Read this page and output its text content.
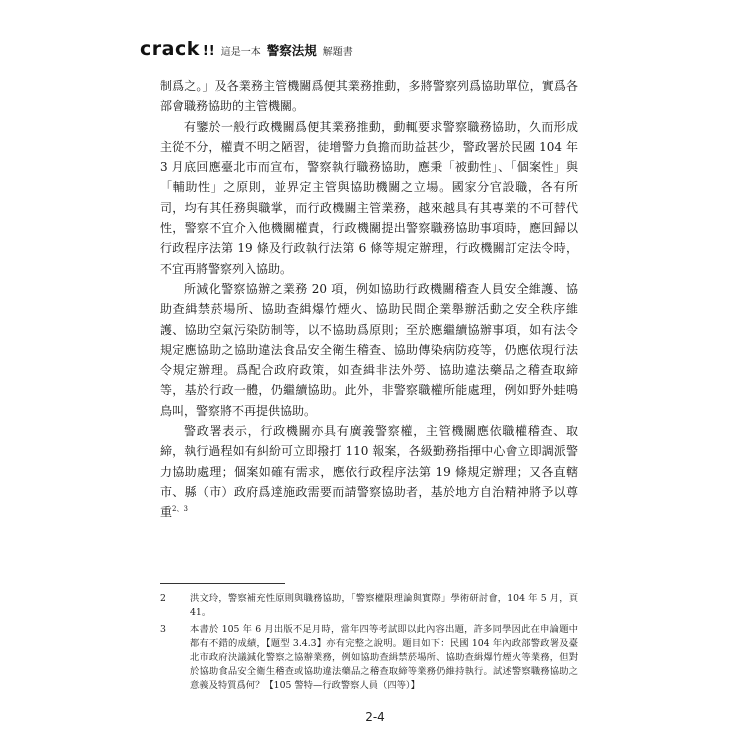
crack !! 這是一本 警察法規 解題書

制爲之。」及各業務主管機關爲便其業務推動，多將警察列爲協助單位，實爲各部會職務協助的主管機關。

有鑒於一般行政機關爲便其業務推動，動輒要求警察職務協助，久而形成主從不分，權責不明之陋習，徒增警力負擔而助益甚少，警政署於民國 104 年 3 月底回應臺北市而宣布，警察執行職務協助，應秉「被動性」、「個案性」與「輔助性」之原則，並界定主管與協助機關之立場。國家分官設職，各有所司，均有其任務與職掌，而行政機關主管業務，越來越具有其專業的不可替代性，警察不宜介入他機關權責，行政機關提出警察職務協助事項時，應回歸以行政程序法第 19 條及行政執行法第 6 條等規定辦理，行政機關訂定法令時，不宜再將警察列入協助。

所減化警察協辦之業務 20 項，例如協助行政機關稽查人員安全維護、協助查緝禁菸場所、協助查緝爆竹煙火、協助民間企業舉辦活動之安全秩序維護、協助空氣污染防制等，以不協助爲原則；至於應繼續協辦事項，如有法令規定應協助之協助違法食品安全衛生稽查、協助傳染病防疫等，仍應依現行法令規定辦理。爲配合政府政策，如查緝非法外勞、協助違法藥品之稽查取締等，基於行政一體，仍繼續協助。此外，非警察職權所能處理，例如野外蛙鳴鳥叫，警察將不再提供協助。

警政署表示，行政機關亦具有廣義警察權，主管機關應依職權稽查、取締，執行過程如有糾紛可立即撥打 110 報案，各級勤務指揮中心會立即調派警力協助處理；個案如確有需求，應依行政程序法第 19 條規定辦理；又各直轄市、縣（市）政府爲達施政需要而請警察協助者，基於地方自治精神將予以尊重$^{2、3}$

2	洪文玲，警察補充性原則與職務協助，「警察權限理論與實際」學術研討會，104 年 5 月，頁 41。
3	本書於 105 年 6 月出版不足月時，當年四等考試即以此內容出題，許多同學因此在申論題中都有不錯的成績，【題型 3.4.3】亦有完整之說明。題目如下：民國 104 年內政部警政署及臺北市政府決議減化警察之協辦業務，例如協助查緝禁菸場所、協助查緝爆竹煙火等業務，但對於協助食品安全衛生稽查或協助違法藥品之稽查取締等業務仍維持執行。試述警察職務協助之意義及特質爲何？【105 警特—行政警察人員（四等）】
2-4
